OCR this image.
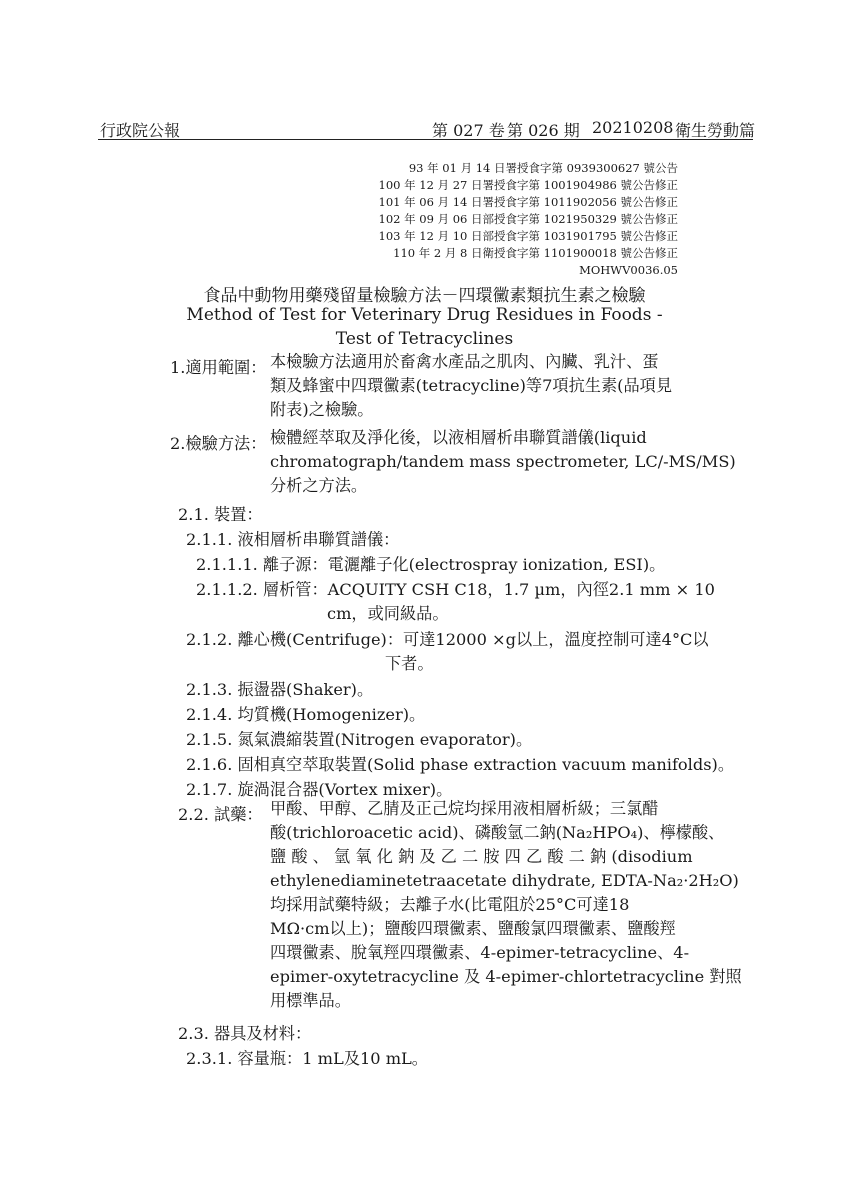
行政院公報	第 027 卷 第 026 期 20210208 衛生勞動篇
93 年 01 月 14 日署授食字第 0939300627 號公告
100 年 12 月 27 日署授食字第 1001904986 號公告修正
101 年 06 月 14 日署授食字第 1011902056 號公告修正
102 年 09 月 06 日部授食字第 1021950329 號公告修正
103 年 12 月 10 日部授食字第 1031901795 號公告修正
110 年 2 月 8 日衛授食字第 1101900018 號公告修正
MOHWV0036.05
食品中動物用藥殘留量檢驗方法－四環黴素類抗生素之檢驗
Method of Test for Veterinary Drug Residues in Foods -
Test of Tetracyclines
1.適用範圍： 本檢驗方法適用於畜禽水產品之肌肉、內臟、乳汁、蛋
類及蜂蜜中四環黴素(tetracycline)等7項抗生素(品項見
附表)之檢驗。
2.檢驗方法： 檢體經萃取及淨化後，以液相層析串聯質譜儀(liquid
chromatograph/tandem mass spectrometer, LC/-MS/MS)
分析之方法。
2.1. 裝置：
2.1.1. 液相層析串聯質譜儀：
2.1.1.1. 離子源：電灑離子化(electrospray ionization, ESI)。
2.1.1.2. 層析管：ACQUITY CSH C18，1.7 µm，內徑2.1 mm × 10
cm，或同級品。
2.1.2. 離心機(Centrifuge)：可達12000 ×g以上，溫度控制可達4°C以
下者。
2.1.3. 振盪器(Shaker)。
2.1.4. 均質機(Homogenizer)。
2.1.5. 氮氣濃縮裝置(Nitrogen evaporator)。
2.1.6. 固相真空萃取裝置(Solid phase extraction vacuum manifolds)。
2.1.7. 旋渦混合器(Vortex mixer)。
2.2. 試藥： 甲酸、甲醇、乙腈及正己烷均採用液相層析級；三氯醋
酸(trichloroacetic acid)、磷酸氫二鈉(Na₂HPO₄)、檸檬酸、
鹽 酸 、 氫 氧 化 鈉 及 乙 二 胺 四 乙 酸 二 鈉 (disodium
ethylenediaminetetraacetate dihydrate, EDTA-Na₂·2H₂O)
均採用試藥特級；去離子水(比電阻於25°C可達18
MΩ·cm以上)；鹽酸四環黴素、鹽酸氯四環黴素、鹽酸羥
四環黴素、脫氧羥四環黴素、4-epimer-tetracycline、4-
epimer-oxytetracycline 及 4-epimer-chlortetracycline 對照
用標準品。
2.3. 器具及材料：
2.3.1. 容量瓶：1 mL及10 mL。
